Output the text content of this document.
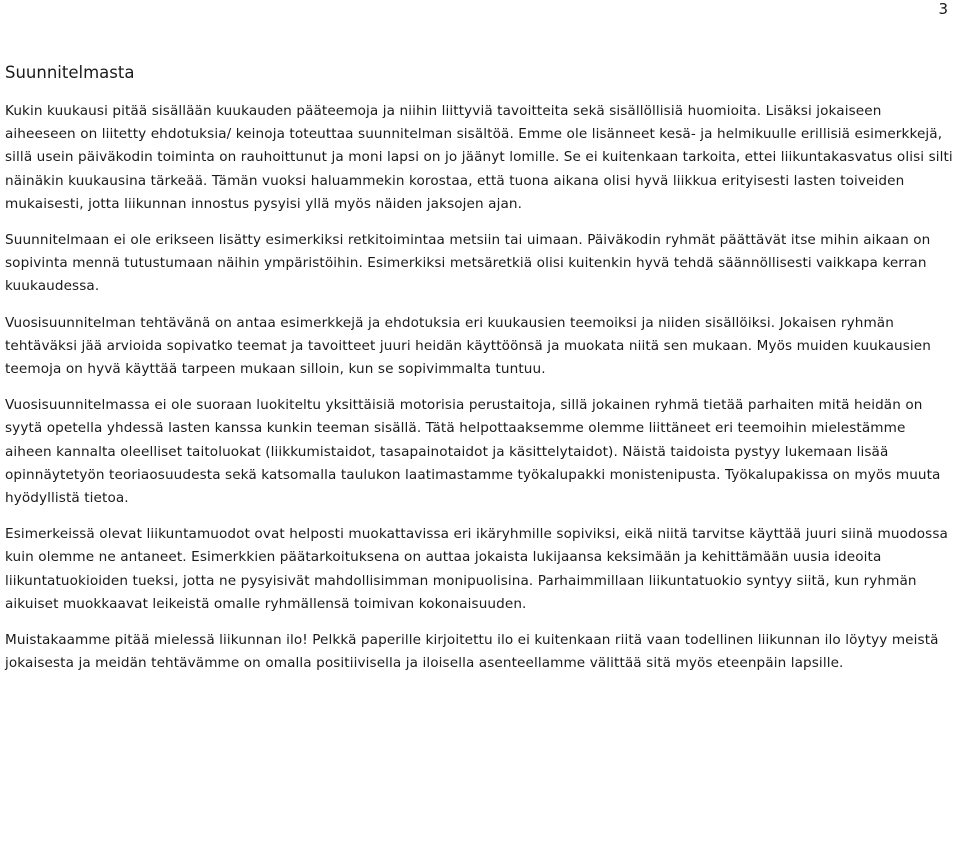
3
Suunnitelmasta

Kukin kuukausi pitää sisällään kuukauden pääteemoja ja niihin liittyviä tavoitteita sekä sisällöllisiä huomioita. Lisäksi jokaiseen aiheeseen on liitetty ehdotuksia/ keinoja toteuttaa suunnitelman sisältöä. Emme ole lisänneet kesä- ja helmikuulle erillisiä esimerkkejä, sillä usein päiväkodin toiminta on rauhoittunut ja moni lapsi on jo jäänyt lomille. Se ei kuitenkaan tarkoita, ettei liikuntakasvatus olisi silti näinäkin kuukausina tärkeää. Tämän vuoksi haluammekin korostaa, että tuona aikana olisi hyvä liikkua erityisesti lasten toiveiden mukaisesti, jotta liikunnan innostus pysyisi yllä myös näiden jaksojen ajan.

Suunnitelmaan ei ole erikseen lisätty esimerkiksi retkitoimintaa metsiin tai uimaan. Päiväkodin ryhmät päättävät itse mihin aikaan on sopivinta mennä tutustumaan näihin ympäristöihin. Esimerkiksi metsäretkiä olisi kuitenkin hyvä tehdä säännöllisesti vaikkapa kerran kuukaudessa.

Vuosisuunnitelman tehtävänä on antaa esimerkkejä ja ehdotuksia eri kuukausien teemoiksi ja niiden sisällöiksi. Jokaisen ryhmän tehtäväksi jää arvioida sopivatko teemat ja tavoitteet juuri heidän käyttöönsä ja muokata niitä sen mukaan. Myös muiden kuukausien teemoja on hyvä käyttää tarpeen mukaan silloin, kun se sopivimmalta tuntuu.

Vuosisuunnitelmassa ei ole suoraan luokiteltu yksittäisiä motorisia perustaitoja, sillä jokainen ryhmä tietää parhaiten mitä heidän on syytä opetella yhdessä lasten kanssa kunkin teeman sisällä. Tätä helpottaaksemme olemme liittäneet eri teemoihin mielestämme aiheen kannalta oleelliset taitoluokat (liikkumistaidot, tasapainotaidot ja käsittelytaidot). Näistä taidoista pystyy lukemaan lisää opinnäytetyön teoriaosuudesta sekä katsomalla taulukon laatimastamme työkalupakki monistenipusta. Työkalupakissa on myös muuta hyödyllistä tietoa.

Esimerkeissä olevat liikuntamuodot ovat helposti muokattavissa eri ikäryhmille sopiviksi, eikä niitä tarvitse käyttää juuri siinä muodossa kuin olemme ne antaneet. Esimerkkien päätarkoituksena on auttaa jokaista lukijaansa keksimään ja kehittämään uusia ideoita liikuntatuokioiden tueksi, jotta ne pysyisivät mahdollisimman monipuolisina. Parhaimmillaan liikuntatuokio syntyy siitä, kun ryhmän aikuiset muokkaavat leikeistä omalle ryhmällensä toimivan kokonaisuuden.

Muistakaamme pitää mielessä liikunnan ilo! Pelkkä paperille kirjoitettu ilo ei kuitenkaan riitä vaan todellinen liikunnan ilo löytyy meistä jokaisesta ja meidän tehtävämme on omalla positiivisella ja iloisella asenteellamme välittää sitä myös eteenpäin lapsille.
